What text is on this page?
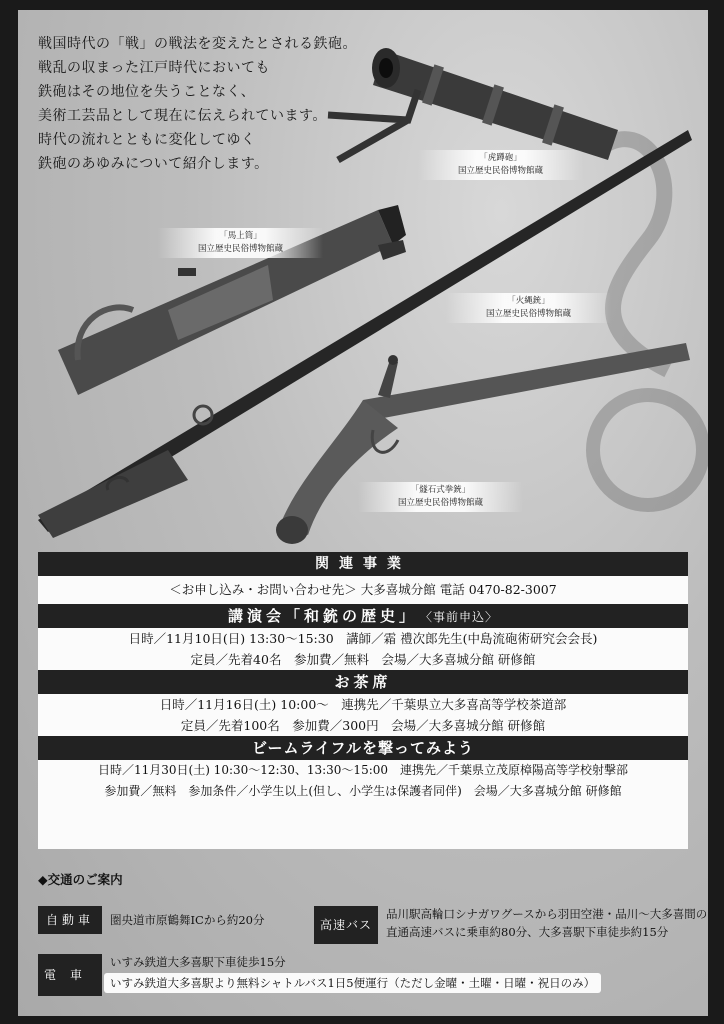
戦国時代の「戦」の戦法を変えたとされる鉄砲。
戦乱の収まった江戸時代においても
鉄砲はその地位を失うことなく、
美術工芸品として現在に伝えられています。
時代の流れとともに変化してゆく
鉄砲のあゆみについて紹介します。	「虎蹲砲」
国立歴史民俗博物館蔵
「馬上筒」
国立歴史民俗博物館蔵
「火縄銃」
国立歴史民俗博物館蔵
「燧石式拳銃」
国立歴史民俗博物館蔵
関連事業
＜お申し込み・お問い合わせ先＞ 大多喜城分館 電話 0470-82-3007
講演会「和銃の歴史」 〈事前申込〉
日時／11月10日(日) 13:30〜15:30　講師／霜 禮次郎先生(中島流砲術研究会会長)
定員／先着40名　参加費／無料　会場／大多喜城分館 研修館
お茶席
日時／11月16日(土) 10:00〜　連携先／千葉県立大多喜高等学校茶道部
定員／先着100名　参加費／300円　会場／大多喜城分館 研修館
ビームライフルを撃ってみよう
日時／11月30日(土) 10:30〜12:30、13:30〜15:00　連携先／千葉県立茂原樟陽高等学校射撃部
参加費／無料　参加条件／小学生以上(但し、小学生は保護者同伴)　会場／大多喜城分館 研修館
◆交通のご案内
自動車	圏央道市原鶴舞ICから約20分	高速バス
品川駅高輪口シナガワグースから羽田空港・品川〜大多喜間の
直通高速バスに乗車約80分、大多喜駅下車徒歩約15分
電車
いすみ鉄道大多喜駅下車徒歩15分
いすみ鉄道大多喜駅より無料シャトルバス1日5便運行（ただし金曜・土曜・日曜・祝日のみ）
